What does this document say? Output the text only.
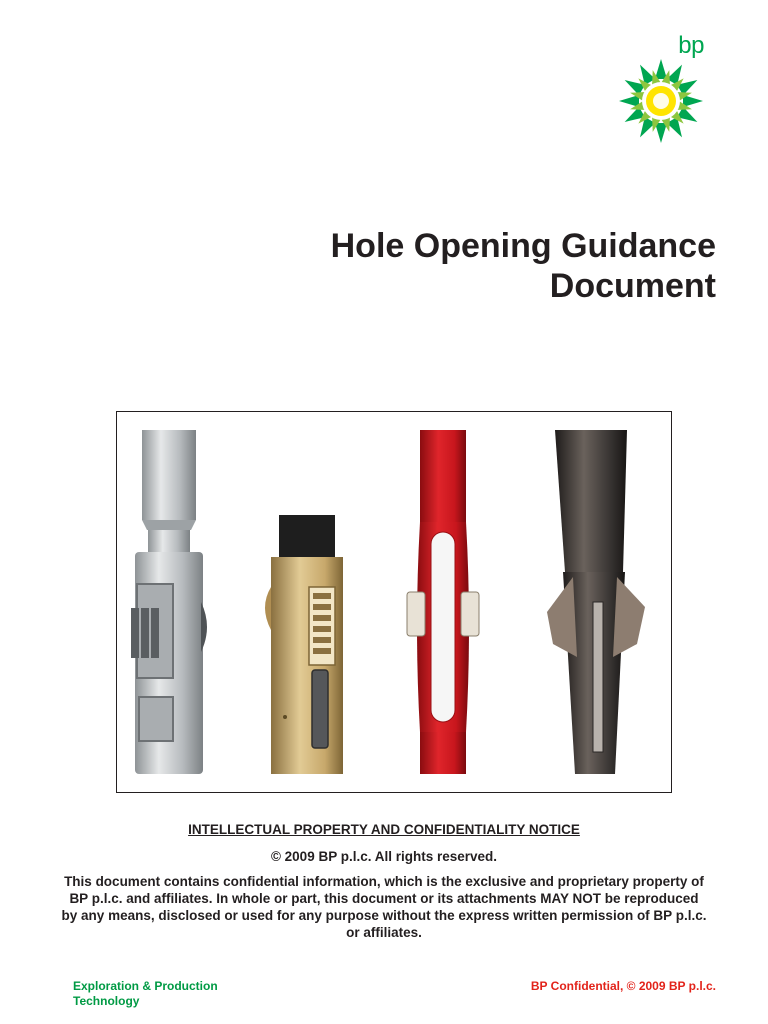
bp
Hole Opening Guidance
Document
INTELLECTUAL PROPERTY AND CONFIDENTIALITY NOTICE
© 2009 BP p.l.c. All rights reserved.
This document contains confidential information, which is the exclusive and proprietary property of BP p.l.c. and affiliates. In whole or part, this document or its attachments MAY NOT be reproduced by any means, disclosed or used for any purpose without the express written permission of BP p.l.c. or affiliates.
Exploration & Production
Technology
BP Confidential, © 2009 BP p.l.c.
